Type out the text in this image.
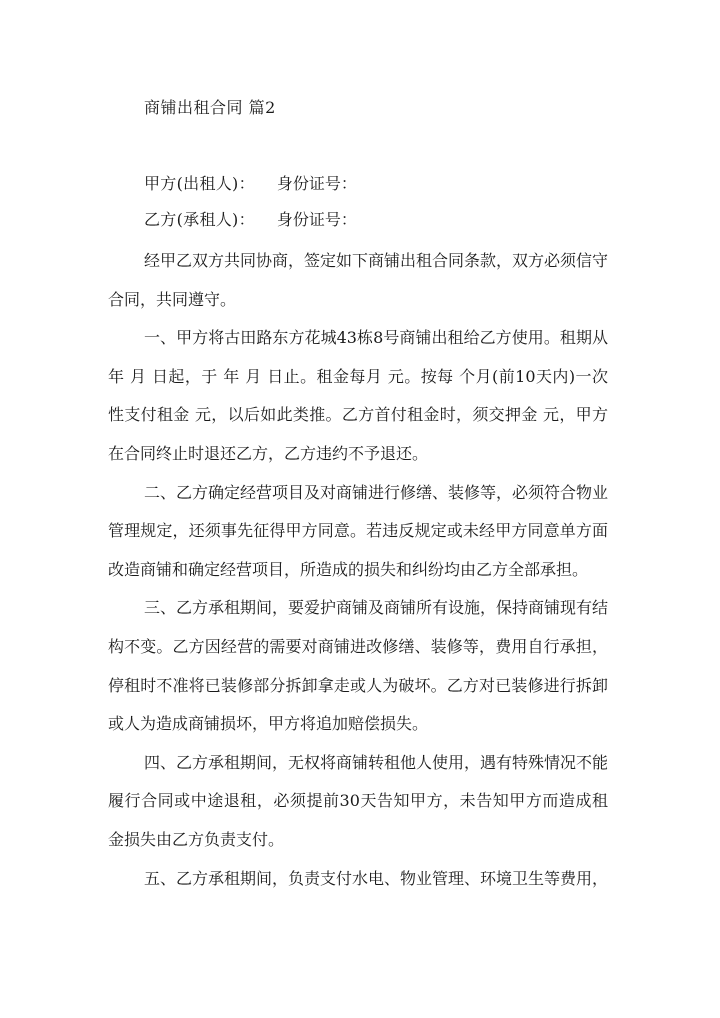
商铺出租合同 篇2
甲方(出租人)： 身份证号：
乙方(承租人)： 身份证号：

经甲乙双方共同协商，签定如下商铺出租合同条款，双方必须信守合同，共同遵守。

一、甲方将古田路东方花城43栋8号商铺出租给乙方使用。租期从 年 月 日起，于 年 月 日止。租金每月 元。按每 个月(前10天内)一次性支付租金 元，以后如此类推。乙方首付租金时，须交押金 元，甲方在合同终止时退还乙方，乙方违约不予退还。

二、乙方确定经营项目及对商铺进行修缮、装修等，必须符合物业管理规定，还须事先征得甲方同意。若违反规定或未经甲方同意单方面改造商铺和确定经营项目，所造成的损失和纠纷均由乙方全部承担。

三、乙方承租期间，要爱护商铺及商铺所有设施，保持商铺现有结构不变。乙方因经营的需要对商铺进改修缮、装修等，费用自行承担，停租时不准将已装修部分拆卸拿走或人为破坏。乙方对已装修进行拆卸或人为造成商铺损坏，甲方将追加赔偿损失。

四、乙方承租期间，无权将商铺转租他人使用，遇有特殊情况不能履行合同或中途退租，必须提前30天告知甲方，未告知甲方而造成租金损失由乙方负责支付。

五、乙方承租期间，负责支付水电、物业管理、环境卫生等费用，
